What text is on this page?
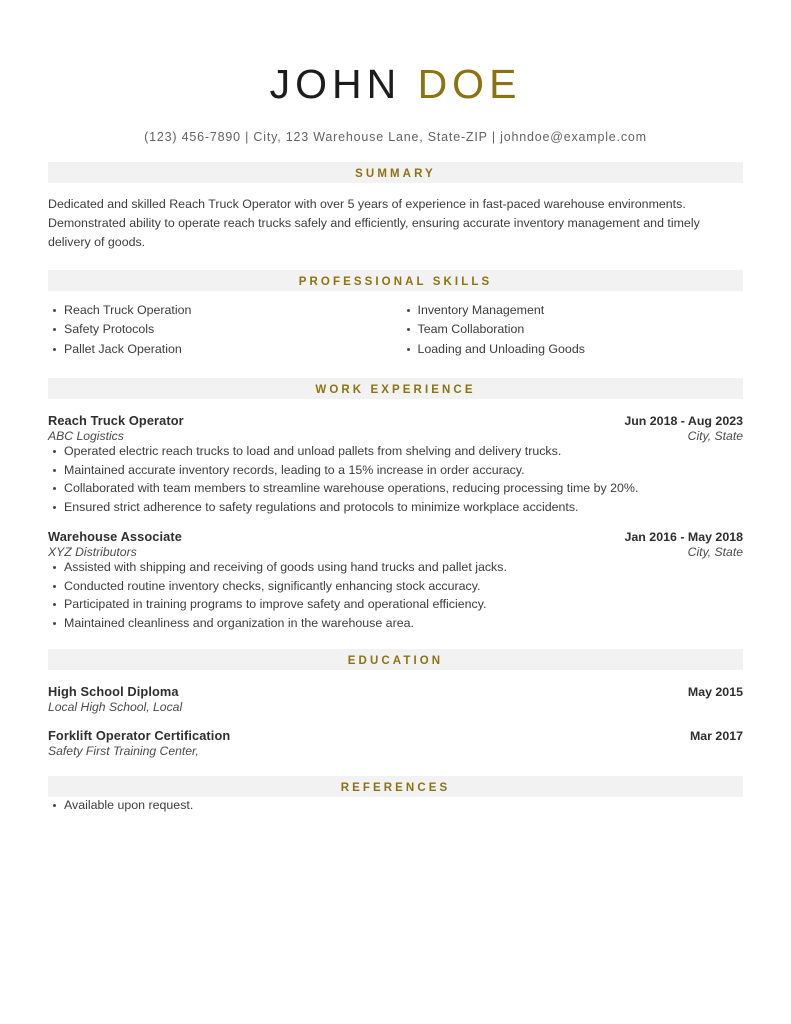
JOHN DOE
(123) 456-7890 | City, 123 Warehouse Lane, State-ZIP | johndoe@example.com
SUMMARY
Dedicated and skilled Reach Truck Operator with over 5 years of experience in fast-paced warehouse environments. Demonstrated ability to operate reach trucks safely and efficiently, ensuring accurate inventory management and timely delivery of goods.
PROFESSIONAL SKILLS
Reach Truck Operation
Safety Protocols
Pallet Jack Operation
Inventory Management
Team Collaboration
Loading and Unloading Goods
WORK EXPERIENCE
Reach Truck Operator	Jun 2018 - Aug 2023
ABC Logistics	City, State
Operated electric reach trucks to load and unload pallets from shelving and delivery trucks.
Maintained accurate inventory records, leading to a 15% increase in order accuracy.
Collaborated with team members to streamline warehouse operations, reducing processing time by 20%.
Ensured strict adherence to safety regulations and protocols to minimize workplace accidents.
Warehouse Associate	Jan 2016 - May 2018
XYZ Distributors	City, State
Assisted with shipping and receiving of goods using hand trucks and pallet jacks.
Conducted routine inventory checks, significantly enhancing stock accuracy.
Participated in training programs to improve safety and operational efficiency.
Maintained cleanliness and organization in the warehouse area.
EDUCATION
High School Diploma	May 2015
Local High School, Local
Forklift Operator Certification	Mar 2017
Safety First Training Center,
REFERENCES
Available upon request.
